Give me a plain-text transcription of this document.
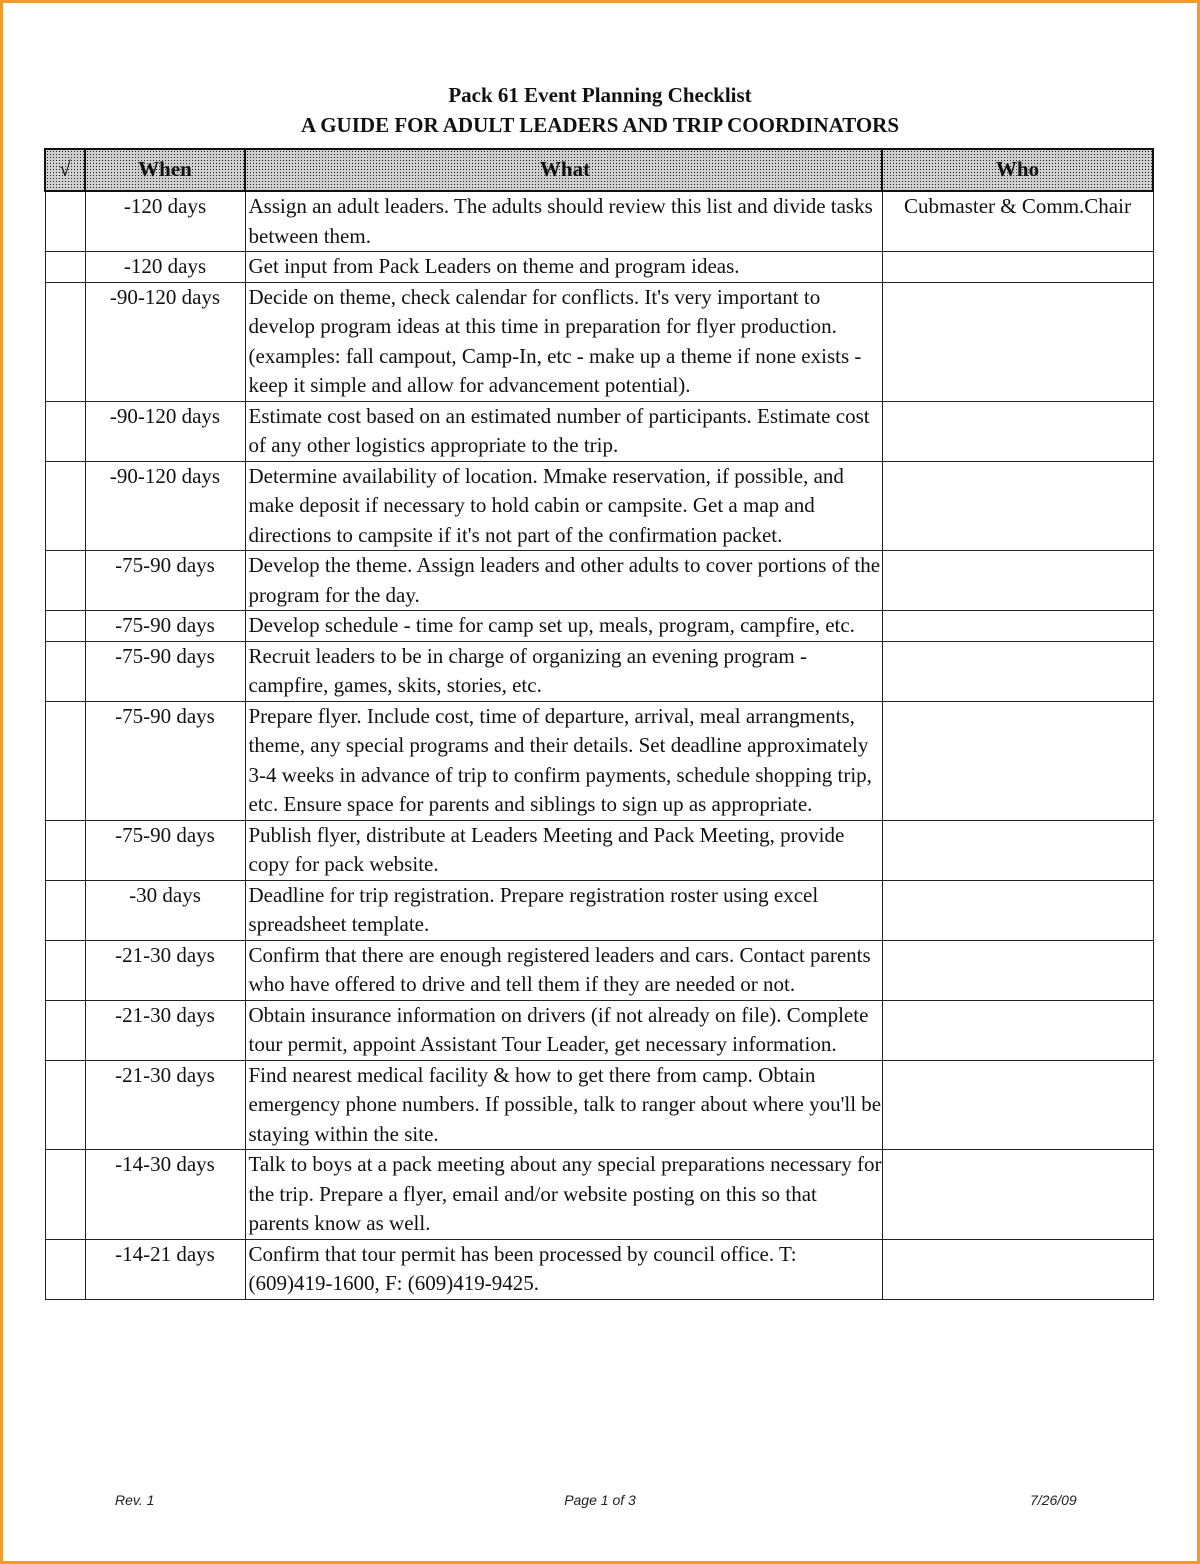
Pack 61 Event Planning Checklist
A GUIDE FOR ADULT LEADERS AND TRIP COORDINATORS
√	When	What	Who
	-120 days	Assign an adult leaders. The adults should review this list and divide tasks between them.	Cubmaster & Comm.Chair
	-120 days	Get input from Pack Leaders on theme and program ideas.	
	-90-120 days	Decide on theme, check calendar for conflicts. It's very important to develop program ideas at this time in preparation for flyer production. (examples: fall campout, Camp-In, etc - make up a theme if none exists - keep it simple and allow for advancement potential).	
	-90-120 days	Estimate cost based on an estimated number of participants. Estimate cost of any other logistics appropriate to the trip.	
	-90-120 days	Determine availability of location. Mmake reservation, if possible, and make deposit if necessary to hold cabin or campsite. Get a map and directions to campsite if it's not part of the confirmation packet.	
	-75-90 days	Develop the theme. Assign leaders and other adults to cover portions of the program for the day.	
	-75-90 days	Develop schedule - time for camp set up, meals, program, campfire, etc.	
	-75-90 days	Recruit leaders to be in charge of organizing an evening program - campfire, games, skits, stories, etc.	
	-75-90 days	Prepare flyer. Include cost, time of departure, arrival, meal arrangments, theme, any special programs and their details. Set deadline approximately 3-4 weeks in advance of trip to confirm payments, schedule shopping trip, etc. Ensure space for parents and siblings to sign up as appropriate.	
	-75-90 days	Publish flyer, distribute at Leaders Meeting and Pack Meeting, provide copy for pack website.	
	-30 days	Deadline for trip registration. Prepare registration roster using excel spreadsheet template.	
	-21-30 days	Confirm that there are enough registered leaders and cars. Contact parents who have offered to drive and tell them if they are needed or not.	
	-21-30 days	Obtain insurance information on drivers (if not already on file). Complete tour permit, appoint Assistant Tour Leader, get necessary information.	
	-21-30 days	Find nearest medical facility & how to get there from camp. Obtain emergency phone numbers. If possible, talk to ranger about where you'll be staying within the site.	
	-14-30 days	Talk to boys at a pack meeting about any special preparations necessary for the trip. Prepare a flyer, email and/or website posting on this so that parents know as well.	
	-14-21 days	Confirm that tour permit has been processed by council office. T: (609)419-1600, F: (609)419-9425.	
Rev. 1	Page 1 of 3	7/26/09
